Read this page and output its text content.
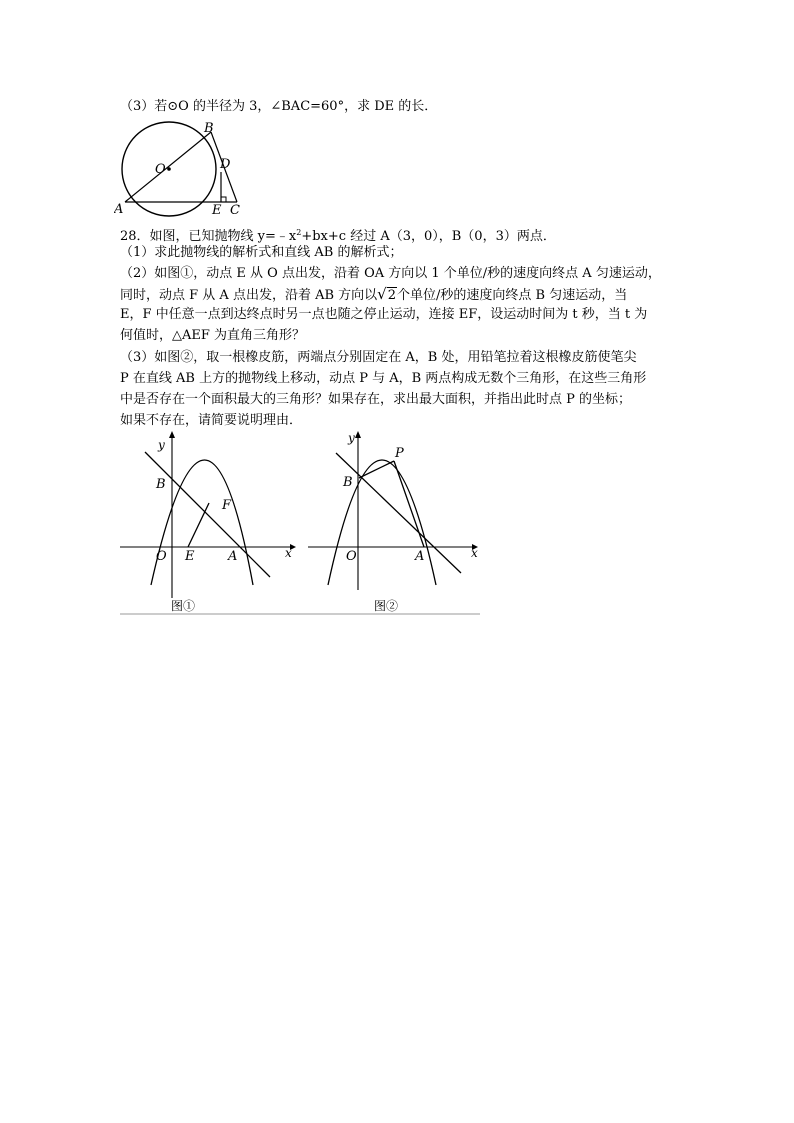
（3）若⊙O 的半径为 3，∠BAC=60°，求 DE 的长．
A
B
C
D
E
O
28．如图，已知抛物线 $y=﹣x^2+bx+c$ 经过 A（3，0），B（0，3）两点．
（1）求此抛物线的解析式和直线 AB 的解析式；
（2）如图①，动点 E 从 O 点出发，沿着 OA 方向以 1 个单位/秒的速度向终点 A 匀速运动，
同时，动点 F 从 A 点出发，沿着 AB 方向以√2个单位/秒的速度向终点 B 匀速运动，当
E，F 中任意一点到达终点时另一点也随之停止运动，连接 EF，设运动时间为 t 秒，当 t 为
何值时，△AEF 为直角三角形？
（3）如图②，取一根橡皮筋，两端点分别固定在 A，B 处，用铅笔拉着这根橡皮筋使笔尖
P 在直线 AB 上方的抛物线上移动，动点 P 与 A，B 两点构成无数个三角形，在这些三角形
中是否存在一个面积最大的三角形？如果存在，求出最大面积，并指出此时点 P 的坐标；
如果不存在，请简要说明理由．
y
x
O
B
F
E	A
图①
y
x
O
B
P
A
图②
